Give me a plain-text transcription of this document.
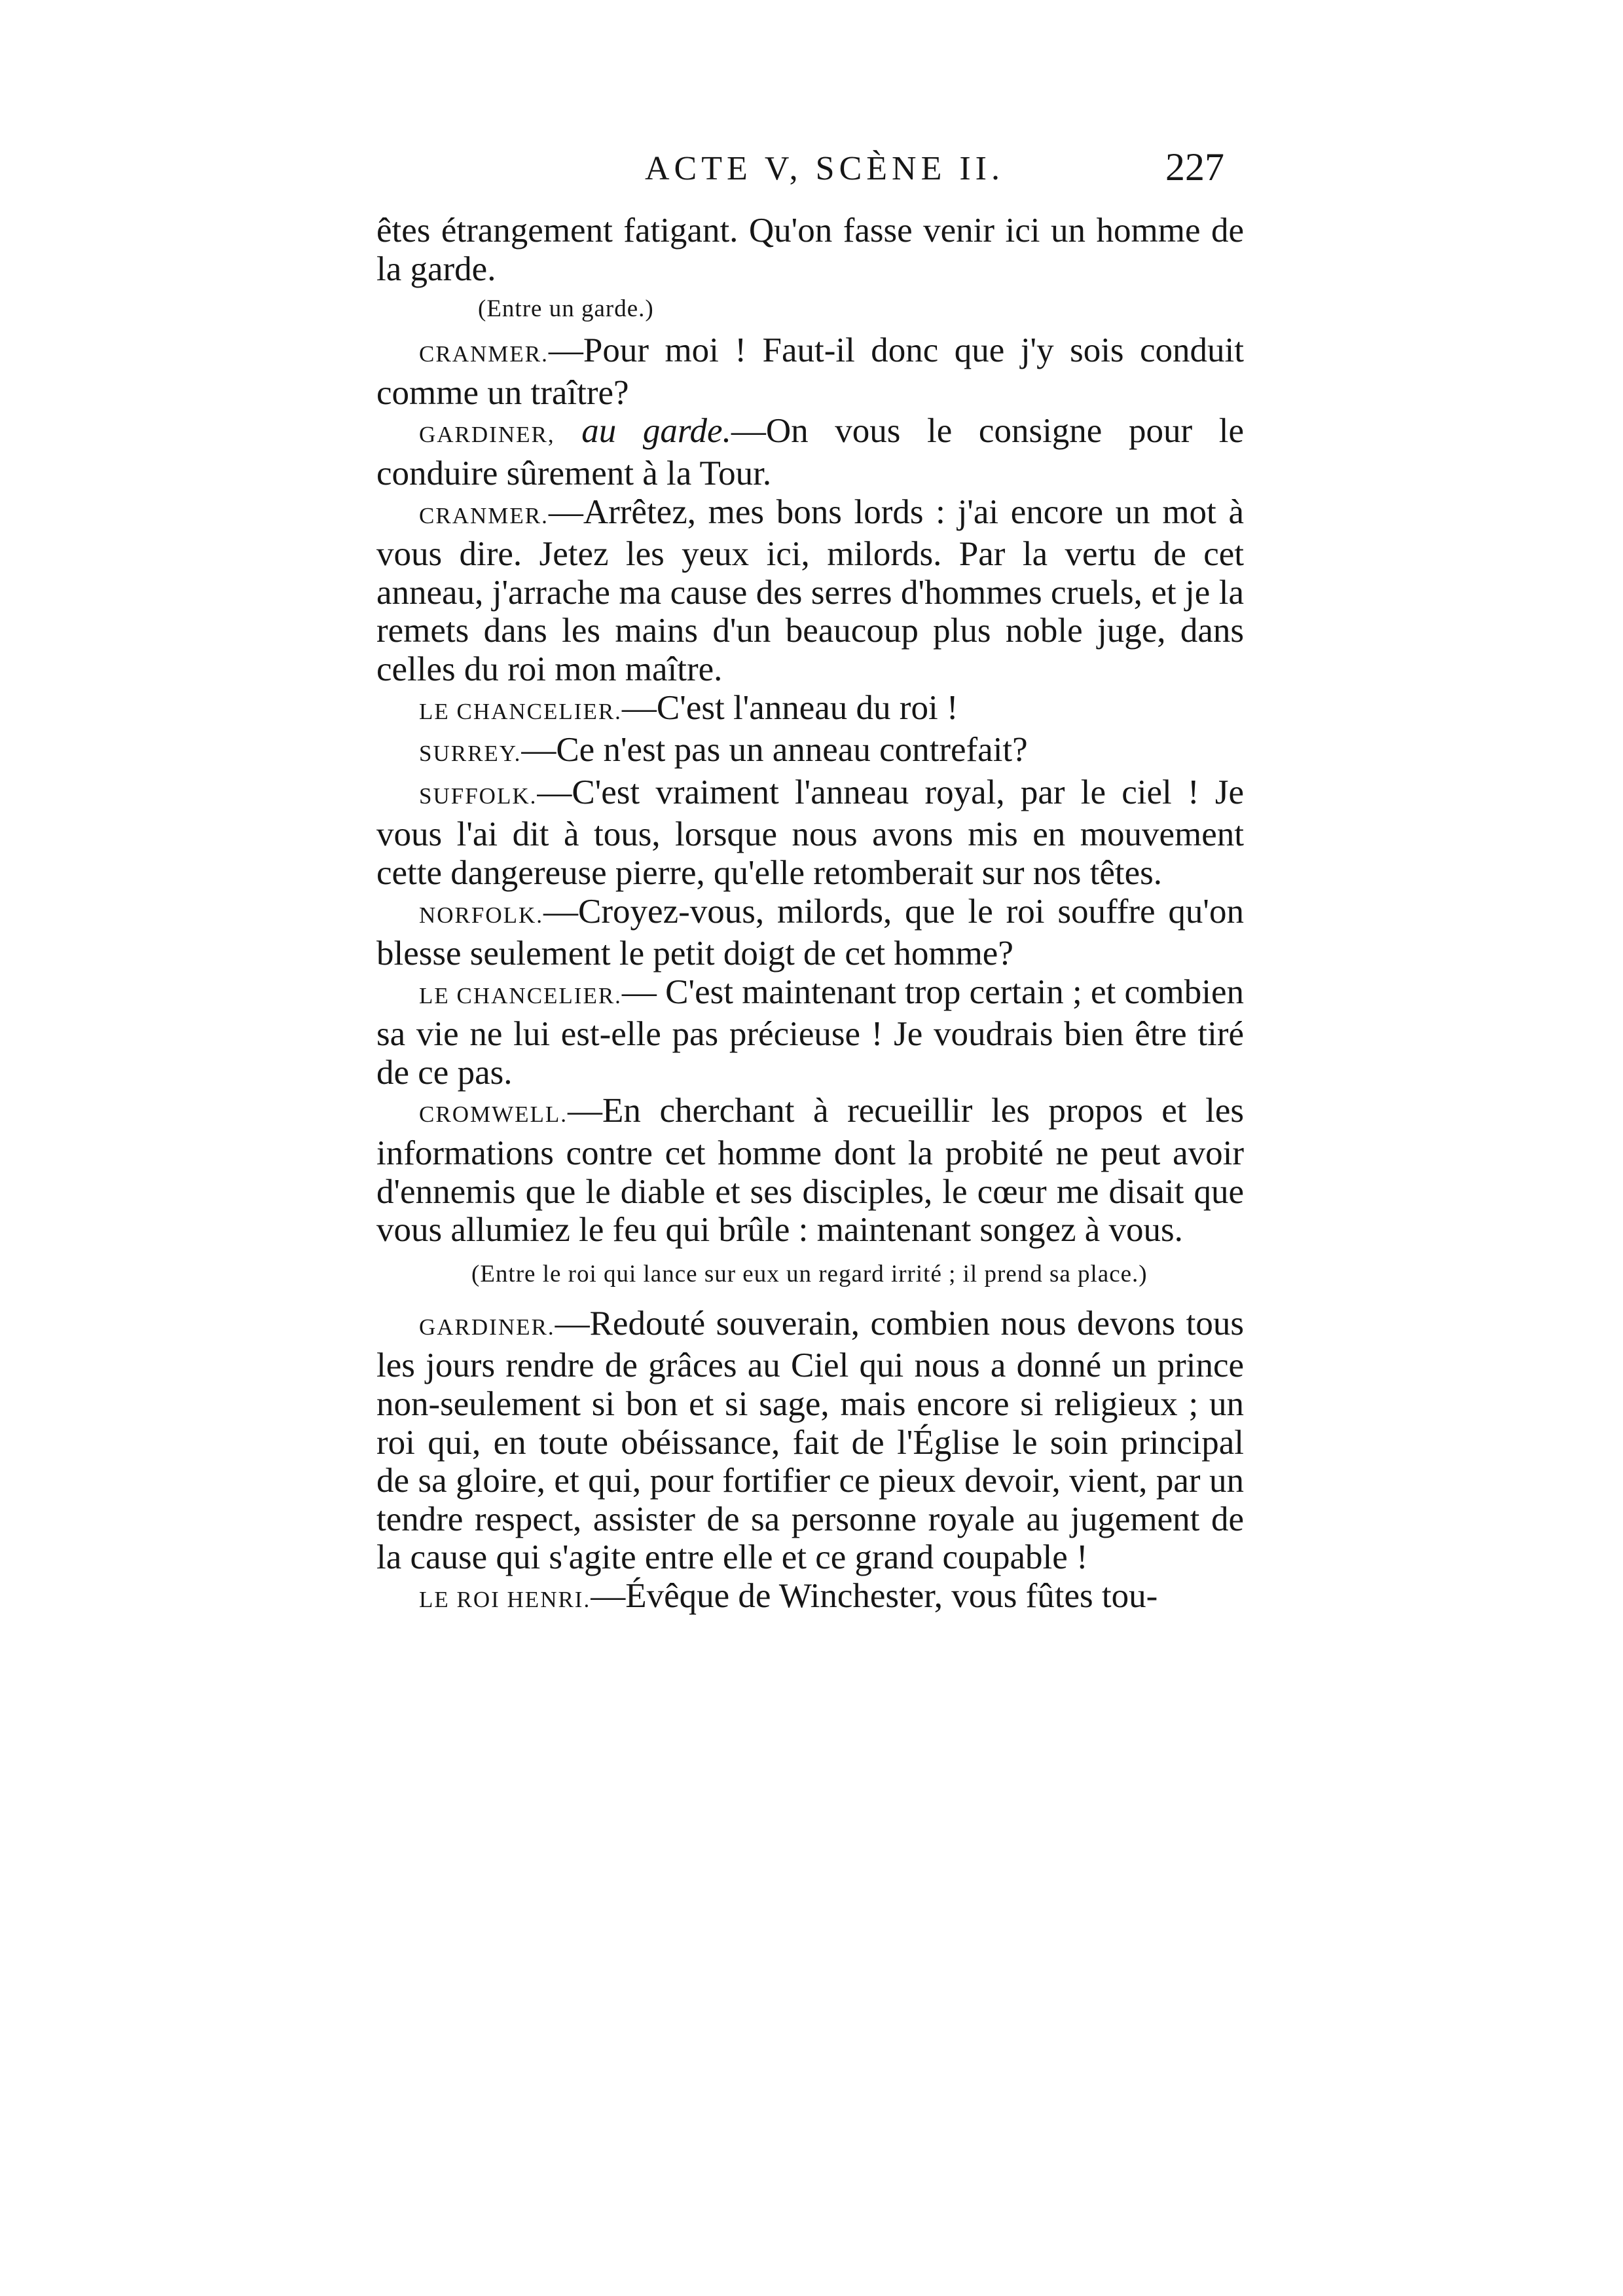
ACTE V, SCÈNE II.	227

êtes étrangement fatigant. Qu'on fasse venir ici un homme de la garde.

(Entre un garde.)

CRANMER.—Pour moi ! Faut-il donc que j'y sois conduit comme un traître?

GARDINER, au garde.—On vous le consigne pour le conduire sûrement à la Tour.

CRANMER.—Arrêtez, mes bons lords : j'ai encore un mot à vous dire. Jetez les yeux ici, milords. Par la vertu de cet anneau, j'arrache ma cause des serres d'hommes cruels, et je la remets dans les mains d'un beaucoup plus noble juge, dans celles du roi mon maître.

LE CHANCELIER.—C'est l'anneau du roi !

SURREY.—Ce n'est pas un anneau contrefait?

SUFFOLK.—C'est vraiment l'anneau royal, par le ciel ! Je vous l'ai dit à tous, lorsque nous avons mis en mouvement cette dangereuse pierre, qu'elle retomberait sur nos têtes.

NORFOLK.—Croyez-vous, milords, que le roi souffre qu'on blesse seulement le petit doigt de cet homme?

LE CHANCELIER.— C'est maintenant trop certain ; et combien sa vie ne lui est-elle pas précieuse ! Je voudrais bien être tiré de ce pas.

CROMWELL.—En cherchant à recueillir les propos et les informations contre cet homme dont la probité ne peut avoir d'ennemis que le diable et ses disciples, le cœur me disait que vous allumiez le feu qui brûle : maintenant songez à vous.

(Entre le roi qui lance sur eux un regard irrité ; il prend sa place.)

GARDINER.—Redouté souverain, combien nous devons tous les jours rendre de grâces au Ciel qui nous a donné un prince non-seulement si bon et si sage, mais encore si religieux ; un roi qui, en toute obéissance, fait de l'Église le soin principal de sa gloire, et qui, pour fortifier ce pieux devoir, vient, par un tendre respect, assister de sa personne royale au jugement de la cause qui s'agite entre elle et ce grand coupable !

LE ROI HENRI.—Évêque de Winchester, vous fûtes tou-
